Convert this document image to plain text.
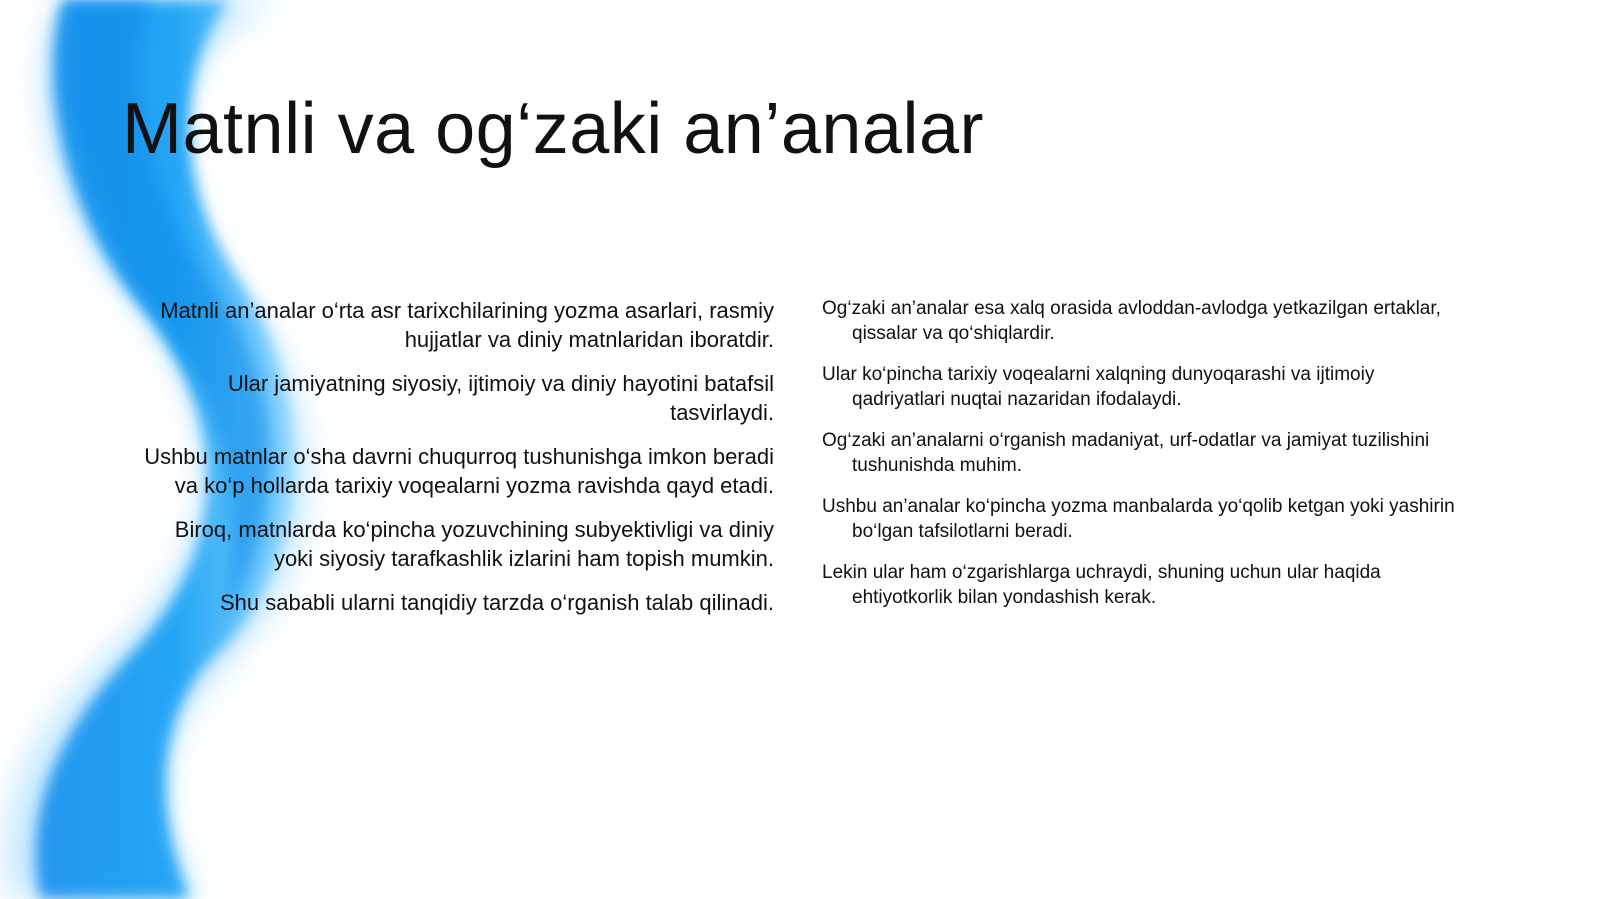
Matnli va og‘zaki an’analar

Matnli an’analar o‘rta asr tarixchilarining yozma asarlari, rasmiy hujjatlar va diniy matnlaridan iboratdir.

Ular jamiyatning siyosiy, ijtimoiy va diniy hayotini batafsil tasvirlaydi.

Ushbu matnlar o‘sha davrni chuqurroq tushunishga imkon beradi va ko‘p hollarda tarixiy voqealarni yozma ravishda qayd etadi.

Biroq, matnlarda ko‘pincha yozuvchining subyektivligi va diniy yoki siyosiy tarafkashlik izlarini ham topish mumkin.

Shu sababli ularni tanqidiy tarzda o‘rganish talab qilinadi.

Og‘zaki an’analar esa xalq orasida avloddan-avlodga yetkazilgan ertaklar, qissalar va qo‘shiqlardir.

Ular ko‘pincha tarixiy voqealarni xalqning dunyoqarashi va ijtimoiy qadriyatlari nuqtai nazaridan ifodalaydi.

Og‘zaki an’analarni o‘rganish madaniyat, urf-odatlar va jamiyat tuzilishini tushunishda muhim.

Ushbu an’analar ko‘pincha yozma manbalarda yo‘qolib ketgan yoki yashirin bo‘lgan tafsilotlarni beradi.

Lekin ular ham o‘zgarishlarga uchraydi, shuning uchun ular haqida ehtiyotkorlik bilan yondashish kerak.
